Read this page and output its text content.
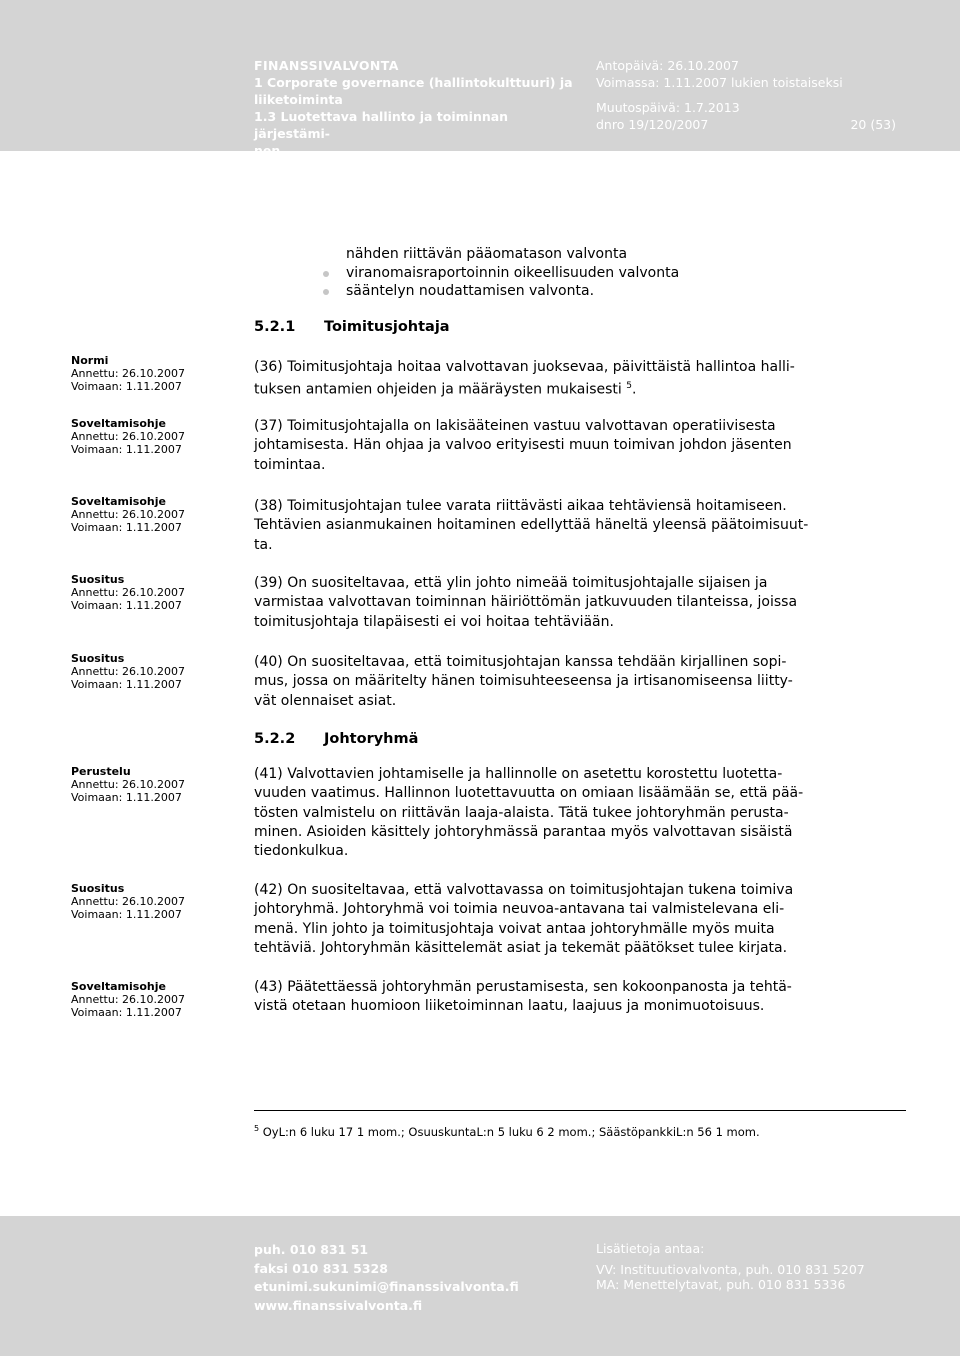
FINANSSIVALVONTA
1 Corporate governance (hallintokulttuuri) ja
liiketoiminta
1.3 Luotettava hallinto ja toiminnan järjestämi-
nen
Antopäivä: 26.10.2007
Voimassa: 1.11.2007 lukien toistaiseksi
Muutospäivä: 1.7.2013
dnro 19/120/2007	20 (53)
nähden riittävän pääomatason valvonta
viranomaisraportoinnin oikeellisuuden valvonta
sääntelyn noudattamisen valvonta.
5.2.1 Toimitusjohtaja
Normi
Annettu: 26.10.2007
Voimaan: 1.11.2007
Soveltamisohje
Annettu: 26.10.2007
Voimaan: 1.11.2007
Soveltamisohje
Annettu: 26.10.2007
Voimaan: 1.11.2007
Suositus
Annettu: 26.10.2007
Voimaan: 1.11.2007
Suositus
Annettu: 26.10.2007
Voimaan: 1.11.2007
Perustelu
Annettu: 26.10.2007
Voimaan: 1.11.2007
Suositus
Annettu: 26.10.2007
Voimaan: 1.11.2007
Soveltamisohje
Annettu: 26.10.2007
Voimaan: 1.11.2007
(36) Toimitusjohtaja hoitaa valvottavan juoksevaa, päivittäistä hallintoa halli-
tuksen antamien ohjeiden ja määräysten mukaisesti $^5$.
(37) Toimitusjohtajalla on lakisääteinen vastuu valvottavan operatiivisesta
johtamisesta. Hän ohjaa ja valvoo erityisesti muun toimivan johdon jäsenten
toimintaa.
(38) Toimitusjohtajan tulee varata riittävästi aikaa tehtäviensä hoitamiseen.
Tehtävien asianmukainen hoitaminen edellyttää häneltä yleensä päätoimisuut-
ta.
(39) On suositeltavaa, että ylin johto nimeää toimitusjohtajalle sijaisen ja
varmistaa valvottavan toiminnan häiriöttömän jatkuvuuden tilanteissa, joissa
toimitusjohtaja tilapäisesti ei voi hoitaa tehtäviään.
(40) On suositeltavaa, että toimitusjohtajan kanssa tehdään kirjallinen sopi-
mus, jossa on määritelty hänen toimisuhteeseensa ja irtisanomiseensa liitty-
vät olennaiset asiat.
5.2.2 Johtoryhmä
(41) Valvottavien johtamiselle ja hallinnolle on asetettu korostettu luotetta-
vuuden vaatimus. Hallinnon luotettavuutta on omiaan lisäämään se, että pää-
tösten valmistelu on riittävän laaja-alaista. Tätä tukee johtoryhmän perusta-
minen. Asioiden käsittely johtoryhmässä parantaa myös valvottavan sisäistä
tiedonkulkua.
(42) On suositeltavaa, että valvottavassa on toimitusjohtajan tukena toimiva
johtoryhmä. Johtoryhmä voi toimia neuvoa-antavana tai valmistelevana eli-
menä. Ylin johto ja toimitusjohtaja voivat antaa johtoryhmälle myös muita
tehtäviä. Johtoryhmän käsittelemät asiat ja tekemät päätökset tulee kirjata.
(43) Päätettäessä johtoryhmän perustamisesta, sen kokoonpanosta ja tehtä-
vistä otetaan huomioon liiketoiminnan laatu, laajuus ja monimuotoisuus.
$^5$ OyL:n 6 luku 17 1 mom.; OsuuskuntaL:n 5 luku 6 2 mom.; SäästöpankkiL:n 56 1 mom.
puh. 010 831 51
faksi 010 831 5328
etunimi.sukunimi@finanssivalvonta.fi
www.finanssivalvonta.fi
Lisätietoja antaa:
VV: Instituutiovalvonta, puh. 010 831 5207
MA: Menettelytavat, puh. 010 831 5336
